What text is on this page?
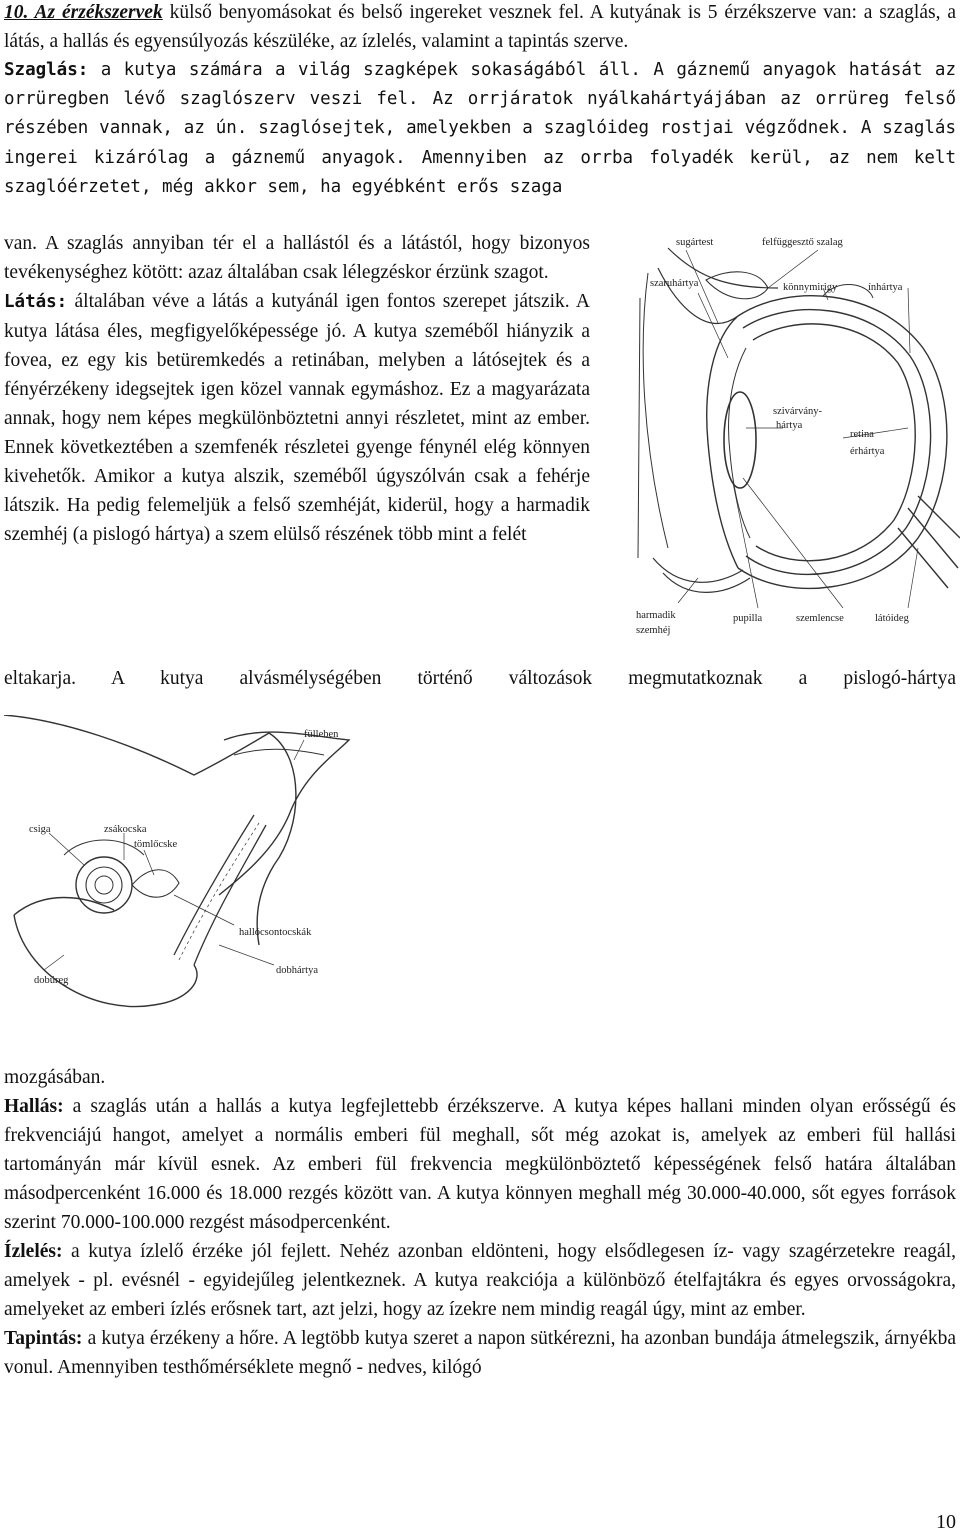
10. Az érzékszervek külső benyomásokat és belső ingereket vesznek fel. A kutyának is 5 érzékszerve van: a szaglás, a látás, a hallás és egyensúlyozás készüléke, az ízlelés, valamint a tapintás szerve.

Szaglás: a kutya számára a világ szagképek sokaságából áll. A gáznemű anyagok hatását az orrüregben lévő szaglószerv veszi fel. Az orrjáratok nyálkahártyájában az orrüreg felső részében vannak, az ún. szaglósejtek, amelyekben a szaglóideg rostjai végződnek. A szaglás ingerei kizárólag a gáznemű anyagok. Amennyiben az orrba folyadék kerül, az nem kelt szaglóérzetet, még akkor sem, ha egyébként erős szaga

van. A szaglás annyiban tér el a hallástól és a látástól, hogy bizonyos tevékenységhez kötött: azaz általában csak lélegzéskor érzünk szagot.

Látás: általában véve a látás a kutyánál igen fontos szerepet játszik. A kutya látása éles, megfigyelőképessége jó. A kutya szeméből hiányzik a fovea, ez egy kis betüremkedés a retinában, melyben a látósejtek és a fényérzékeny idegsejtek igen közel vannak egymáshoz. Ez a magyarázata annak, hogy nem képes megkülönböztetni annyi részletet, mint az ember. Ennek következtében a szemfenék részletei gyenge fénynél elég könnyen kivehetők. Amikor a kutya alszik, szeméből úgyszólván csak a fehérje látszik. Ha pedig felemeljük a felső szemhéját, kiderül, hogy a harmadik szemhéj (a pislogó hártya) a szem elülső részének több mint a felét

eltakarja. A kutya alvásmélységében történő változások megmutatkoznak a pislogó-hártya

sugártest	felfüggesztő szalag
szaruhártya	könnymirigy	ínhártya
szivárvány-
hártya
retina
érhártya
harmadik
szemhéj
pupilla	szemlencse	látóideg
fülleben
csiga	zsákocska
tömlőcske
hallócsontocskák
dobhártya
dobüreg

mozgásában.

Hallás: a szaglás után a hallás a kutya legfejlettebb érzékszerve. A kutya képes hallani minden olyan erősségű és frekvenciájú hangot, amelyet a normális emberi fül meghall, sőt még azokat is, amelyek az emberi fül hallási tartományán már kívül esnek. Az emberi fül frekvencia megkülönböztető képességének felső határa általában másodpercenként 16.000 és 18.000 rezgés között van. A kutya könnyen meghall még 30.000-40.000, sőt egyes források szerint 70.000-100.000 rezgést másodpercenként.

Ízlelés: a kutya ízlelő érzéke jól fejlett. Nehéz azonban eldönteni, hogy elsődlegesen íz- vagy szagérzetekre reagál, amelyek - pl. evésnél - egyidejűleg jelentkeznek. A kutya reakciója a különböző ételfajtákra és egyes orvosságokra, amelyeket az emberi ízlés erősnek tart, azt jelzi, hogy az ízekre nem mindig reagál úgy, mint az ember.

Tapintás: a kutya érzékeny a hőre. A legtöbb kutya szeret a napon sütkérezni, ha azonban bundája átmelegszik, árnyékba vonul. Amennyiben testhőmérséklete megnő - nedves, kilógó

10
